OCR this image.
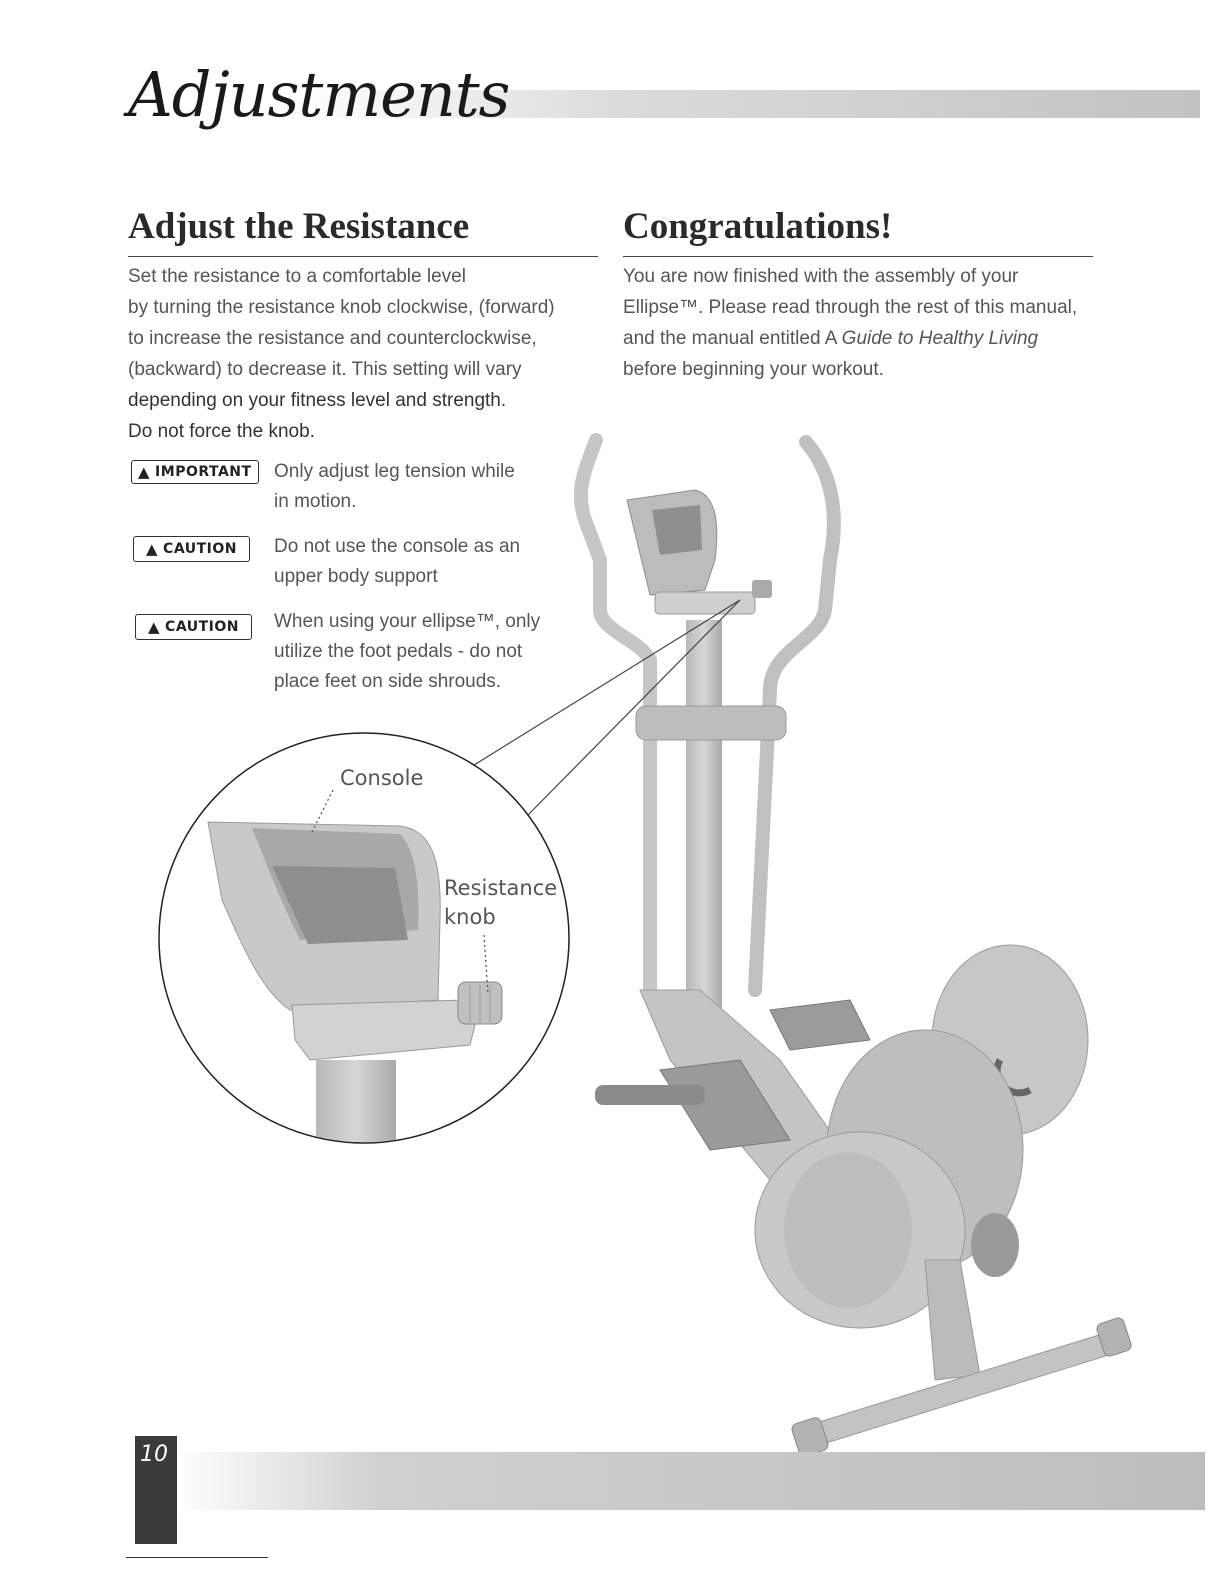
Adjustments
Adjust the Resistance

Set the resistance to a comfortable level
by turning the resistance knob clockwise, (forward)
to increase the resistance and counterclockwise,
(backward) to decrease it. This setting will vary
depending on your fitness level and strength.
Do not force the knob.

▲ IMPORTANT Only adjust leg tension while
in motion.
▲ CAUTION Do not use the console as an
upper body support
▲ CAUTION When using your ellipse™, only
utilize the foot pedals - do not
place feet on side shrouds.
Congratulations!

You are now finished with the assembly of your
Ellipse™. Please read through the rest of this manual,
and the manual entitled A Guide to Healthy Living
before beginning your workout.

Console
Resistance
knob
10
